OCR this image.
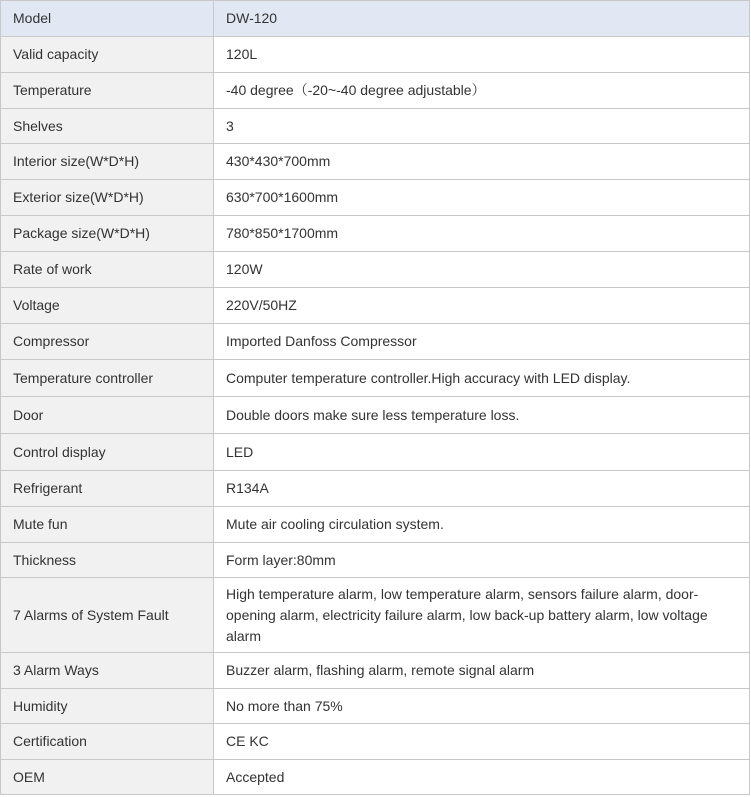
Model	DW-120
Valid capacity	120L
Temperature	-40 degree（-20~-40 degree adjustable）
Shelves	3
Interior size(W*D*H)	430*430*700mm
Exterior size(W*D*H)	630*700*1600mm
Package size(W*D*H)	780*850*1700mm
Rate of work	120W
Voltage	220V/50HZ
Compressor	Imported Danfoss Compressor
Temperature controller	Computer temperature controller.High accuracy with LED display.
Door	Double doors make sure less temperature loss.
Control display	LED
Refrigerant	R134A
Mute fun	Mute air cooling circulation system.
Thickness	Form layer:80mm
7 Alarms of System Fault	High temperature alarm, low temperature alarm, sensors failure alarm, door-opening alarm, electricity failure alarm, low back-up battery alarm, low voltage alarm
3 Alarm Ways	Buzzer alarm, flashing alarm, remote signal alarm
Humidity	No more than 75%
Certification	CE KC
OEM	Accepted
